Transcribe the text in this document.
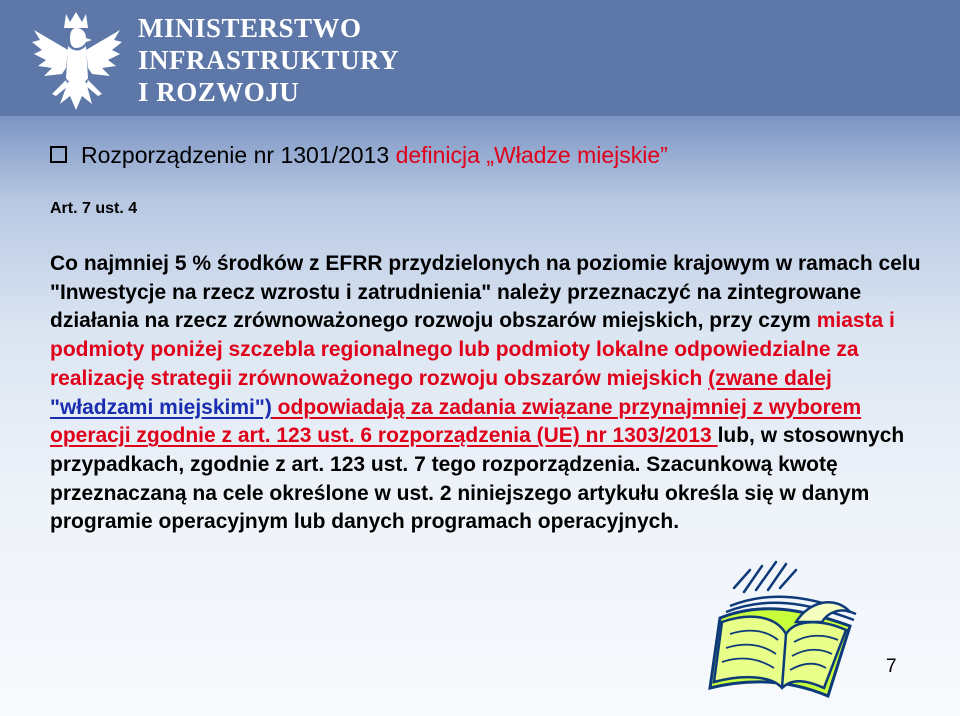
MINISTERSTWO
INFRASTRUKTURY
I ROZWOJU
Rozporządzenie nr 1301/2013 definicja „Władze miejskie”
Art. 7 ust. 4
Co najmniej 5 % środków z EFRR przydzielonych na poziomie krajowym w ramach celu "Inwestycje na rzecz wzrostu i zatrudnienia" należy przeznaczyć na zintegrowane działania na rzecz zrównoważonego rozwoju obszarów miejskich, przy czym miasta i podmioty poniżej szczebla regionalnego lub podmioty lokalne odpowiedzialne za realizację strategii zrównoważonego rozwoju obszarów miejskich (zwane dalej "władzami miejskimi") odpowiadają za zadania związane przynajmniej z wyborem operacji zgodnie z art. 123 ust. 6 rozporządzenia (UE) nr 1303/2013 lub, w stosownych przypadkach, zgodnie z art. 123 ust. 7 tego rozporządzenia. Szacunkową kwotę przeznaczaną na cele określone w ust. 2 niniejszego artykułu określa się w danym programie operacyjnym lub danych programach operacyjnych.
7
